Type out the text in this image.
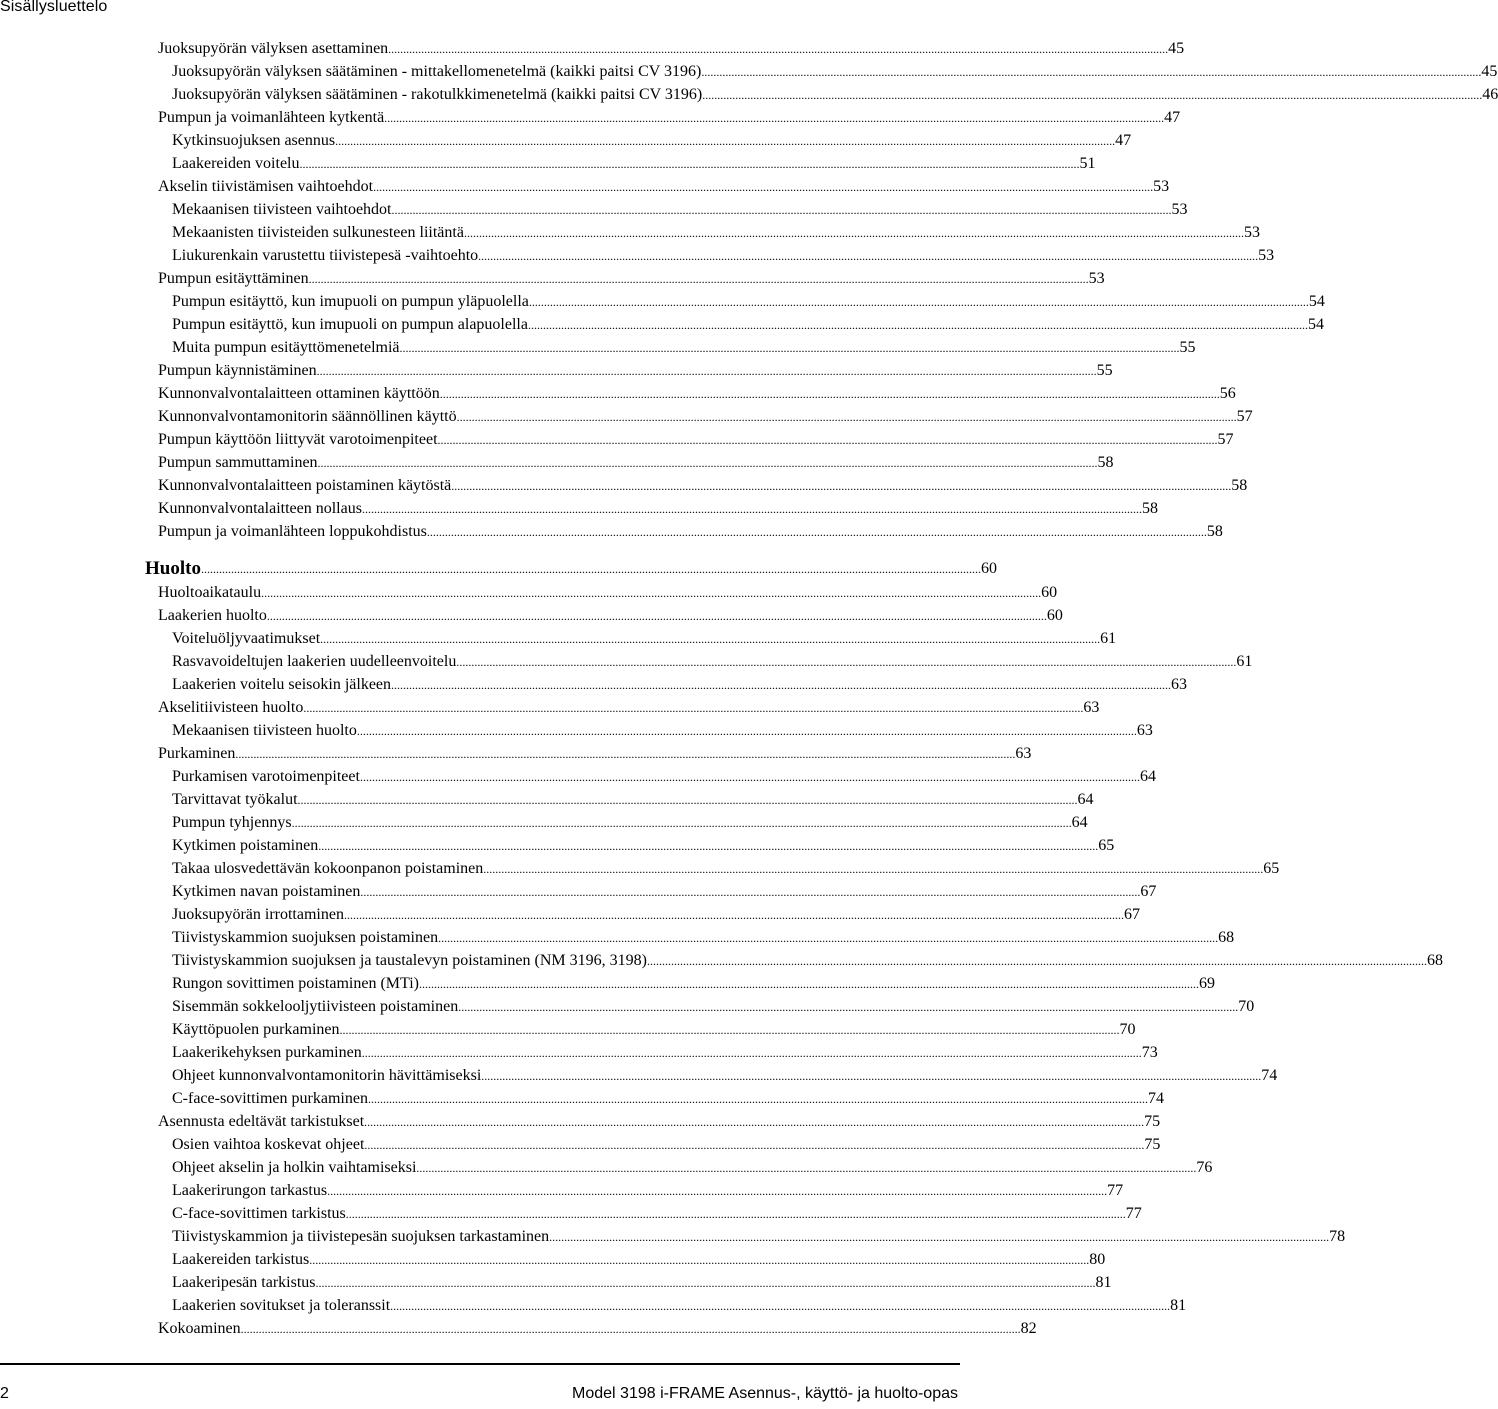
Sisällysluettelo
Juoksupyörän välyksen asettaminen .................................................................................................................................................................................................................................................................... 45
Juoksupyörän välyksen säätäminen - mittakellomenetelmä (kaikki paitsi CV 3196) .................................................................................................................................................................................................................................................................... 45
Juoksupyörän välyksen säätäminen - rakotulkkimenetelmä (kaikki paitsi CV 3196) .................................................................................................................................................................................................................................................................... 46
Pumpun ja voimanlähteen kytkentä .................................................................................................................................................................................................................................................................... 47
Kytkinsuojuksen asennus .................................................................................................................................................................................................................................................................... 47
Laakereiden voitelu .................................................................................................................................................................................................................................................................... 51
Akselin tiivistämisen vaihtoehdot .................................................................................................................................................................................................................................................................... 53
Mekaanisen tiivisteen vaihtoehdot .................................................................................................................................................................................................................................................................... 53
Mekaanisten tiivisteiden sulkunesteen liitäntä .................................................................................................................................................................................................................................................................... 53
Liukurenkain varustettu tiivistepesä -vaihtoehto .................................................................................................................................................................................................................................................................... 53
Pumpun esitäyttäminen .................................................................................................................................................................................................................................................................... 53
Pumpun esitäyttö, kun imupuoli on pumpun yläpuolella .................................................................................................................................................................................................................................................................... 54
Pumpun esitäyttö, kun imupuoli on pumpun alapuolella .................................................................................................................................................................................................................................................................... 54
Muita pumpun esitäyttömenetelmiä .................................................................................................................................................................................................................................................................... 55
Pumpun käynnistäminen .................................................................................................................................................................................................................................................................... 55
Kunnonvalvontalaitteen ottaminen käyttöön .................................................................................................................................................................................................................................................................... 56
Kunnonvalvontamonitorin säännöllinen käyttö .................................................................................................................................................................................................................................................................... 57
Pumpun käyttöön liittyvät varotoimenpiteet .................................................................................................................................................................................................................................................................... 57
Pumpun sammuttaminen .................................................................................................................................................................................................................................................................... 58
Kunnonvalvontalaitteen poistaminen käytöstä .................................................................................................................................................................................................................................................................... 58
Kunnonvalvontalaitteen nollaus .................................................................................................................................................................................................................................................................... 58
Pumpun ja voimanlähteen loppukohdistus .................................................................................................................................................................................................................................................................... 58
Huolto .................................................................................................................................................................................................................................................................... 60
Huoltoaikataulu .................................................................................................................................................................................................................................................................... 60
Laakerien huolto .................................................................................................................................................................................................................................................................... 60
Voiteluöljyvaatimukset .................................................................................................................................................................................................................................................................... 61
Rasvavoideltujen laakerien uudelleenvoitelu .................................................................................................................................................................................................................................................................... 61
Laakerien voitelu seisokin jälkeen .................................................................................................................................................................................................................................................................... 63
Akselitiivisteen huolto .................................................................................................................................................................................................................................................................... 63
Mekaanisen tiivisteen huolto .................................................................................................................................................................................................................................................................... 63
Purkaminen .................................................................................................................................................................................................................................................................... 63
Purkamisen varotoimenpiteet .................................................................................................................................................................................................................................................................... 64
Tarvittavat työkalut .................................................................................................................................................................................................................................................................... 64
Pumpun tyhjennys .................................................................................................................................................................................................................................................................... 64
Kytkimen poistaminen .................................................................................................................................................................................................................................................................... 65
Takaa ulosvedettävän kokoonpanon poistaminen .................................................................................................................................................................................................................................................................... 65
Kytkimen navan poistaminen .................................................................................................................................................................................................................................................................... 67
Juoksupyörän irrottaminen .................................................................................................................................................................................................................................................................... 67
Tiivistyskammion suojuksen poistaminen .................................................................................................................................................................................................................................................................... 68
Tiivistyskammion suojuksen ja taustalevyn poistaminen (NM 3196, 3198) .................................................................................................................................................................................................................................................................... 68
Rungon sovittimen poistaminen (MTi) .................................................................................................................................................................................................................................................................... 69
Sisemmän sokkelooljytiivisteen poistaminen .................................................................................................................................................................................................................................................................... 70
Käyttöpuolen purkaminen .................................................................................................................................................................................................................................................................... 70
Laakerikehyksen purkaminen .................................................................................................................................................................................................................................................................... 73
Ohjeet kunnonvalvontamonitorin hävittämiseksi .................................................................................................................................................................................................................................................................... 74
C-face-sovittimen purkaminen .................................................................................................................................................................................................................................................................... 74
Asennusta edeltävät tarkistukset .................................................................................................................................................................................................................................................................... 75
Osien vaihtoa koskevat ohjeet .................................................................................................................................................................................................................................................................... 75
Ohjeet akselin ja holkin vaihtamiseksi .................................................................................................................................................................................................................................................................... 76
Laakerirungon tarkastus .................................................................................................................................................................................................................................................................... 77
C-face-sovittimen tarkistus .................................................................................................................................................................................................................................................................... 77
Tiivistyskammion ja tiivistepesän suojuksen tarkastaminen .................................................................................................................................................................................................................................................................... 78
Laakereiden tarkistus .................................................................................................................................................................................................................................................................... 80
Laakeripesän tarkistus .................................................................................................................................................................................................................................................................... 81
Laakerien sovitukset ja toleranssit .................................................................................................................................................................................................................................................................... 81
Kokoaminen .................................................................................................................................................................................................................................................................... 82
2	Model 3198 i-FRAME Asennus-, käyttö- ja huolto-opas
